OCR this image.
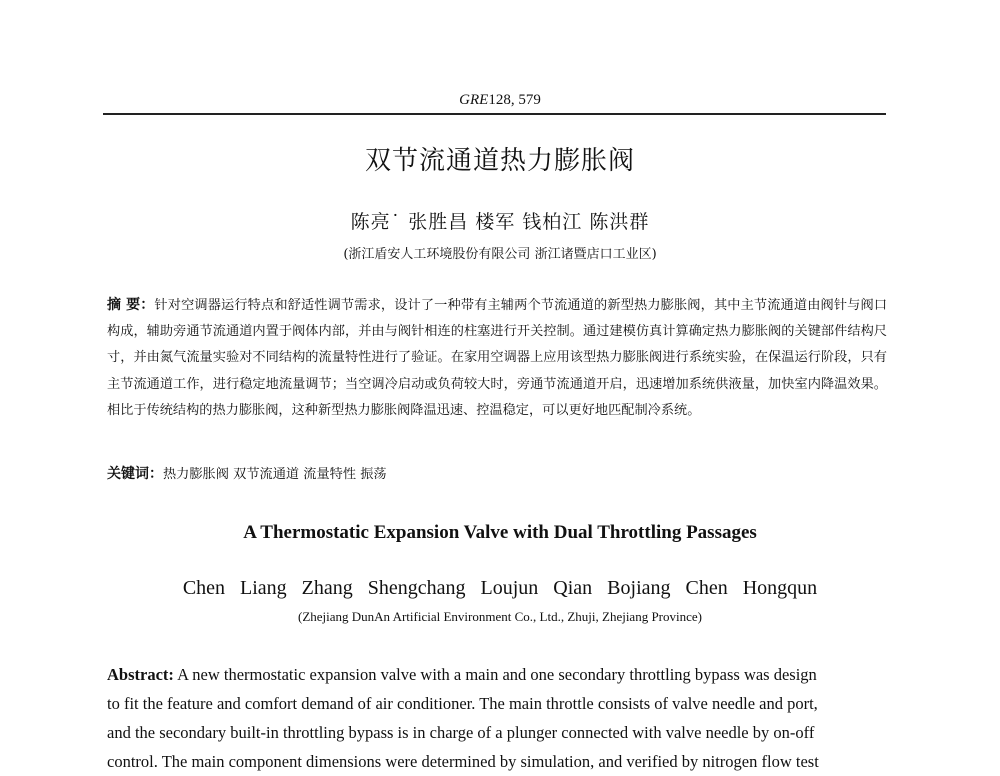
GRE128, 579
双节流通道热力膨胀阀
陈亮˙ 张胜昌 楼军 钱柏江 陈洪群
(浙江盾安人工环境股份有限公司 浙江诸暨店口工业区)
摘 要：针对空调器运行特点和舒适性调节需求，设计了一种带有主辅两个节流通道的新型热力膨胀阀，其中主节流通道由阀针与阀口构成，辅助旁通节流通道内置于阀体内部，并由与阀针相连的柱塞进行开关控制。通过建模仿真计算确定热力膨胀阀的关键部件结构尺寸，并由氮气流量实验对不同结构的流量特性进行了验证。在家用空调器上应用该型热力膨胀阀进行系统实验，在保温运行阶段，只有主节流通道工作，进行稳定地流量调节；当空调冷启动或负荷较大时，旁通节流通道开启，迅速增加系统供液量，加快室内降温效果。相比于传统结构的热力膨胀阀，这种新型热力膨胀阀降温迅速、控温稳定，可以更好地匹配制冷系统。
关键词：热力膨胀阀 双节流通道 流量特性 振荡
A Thermostatic Expansion Valve with Dual Throttling Passages
Chen Liang Zhang Shengchang Loujun Qian Bojiang Chen Hongqun
(Zhejiang DunAn Artificial Environment Co., Ltd., Zhuji, Zhejiang Province)
Abstract: A new thermostatic expansion valve with a main and one secondary throttling bypass was design
to fit the feature and comfort demand of air conditioner. The main throttle consists of valve needle and port,
and the secondary built-in throttling bypass is in charge of a plunger connected with valve needle by on-off
control. The main component dimensions were determined by simulation, and verified by nitrogen flow test
